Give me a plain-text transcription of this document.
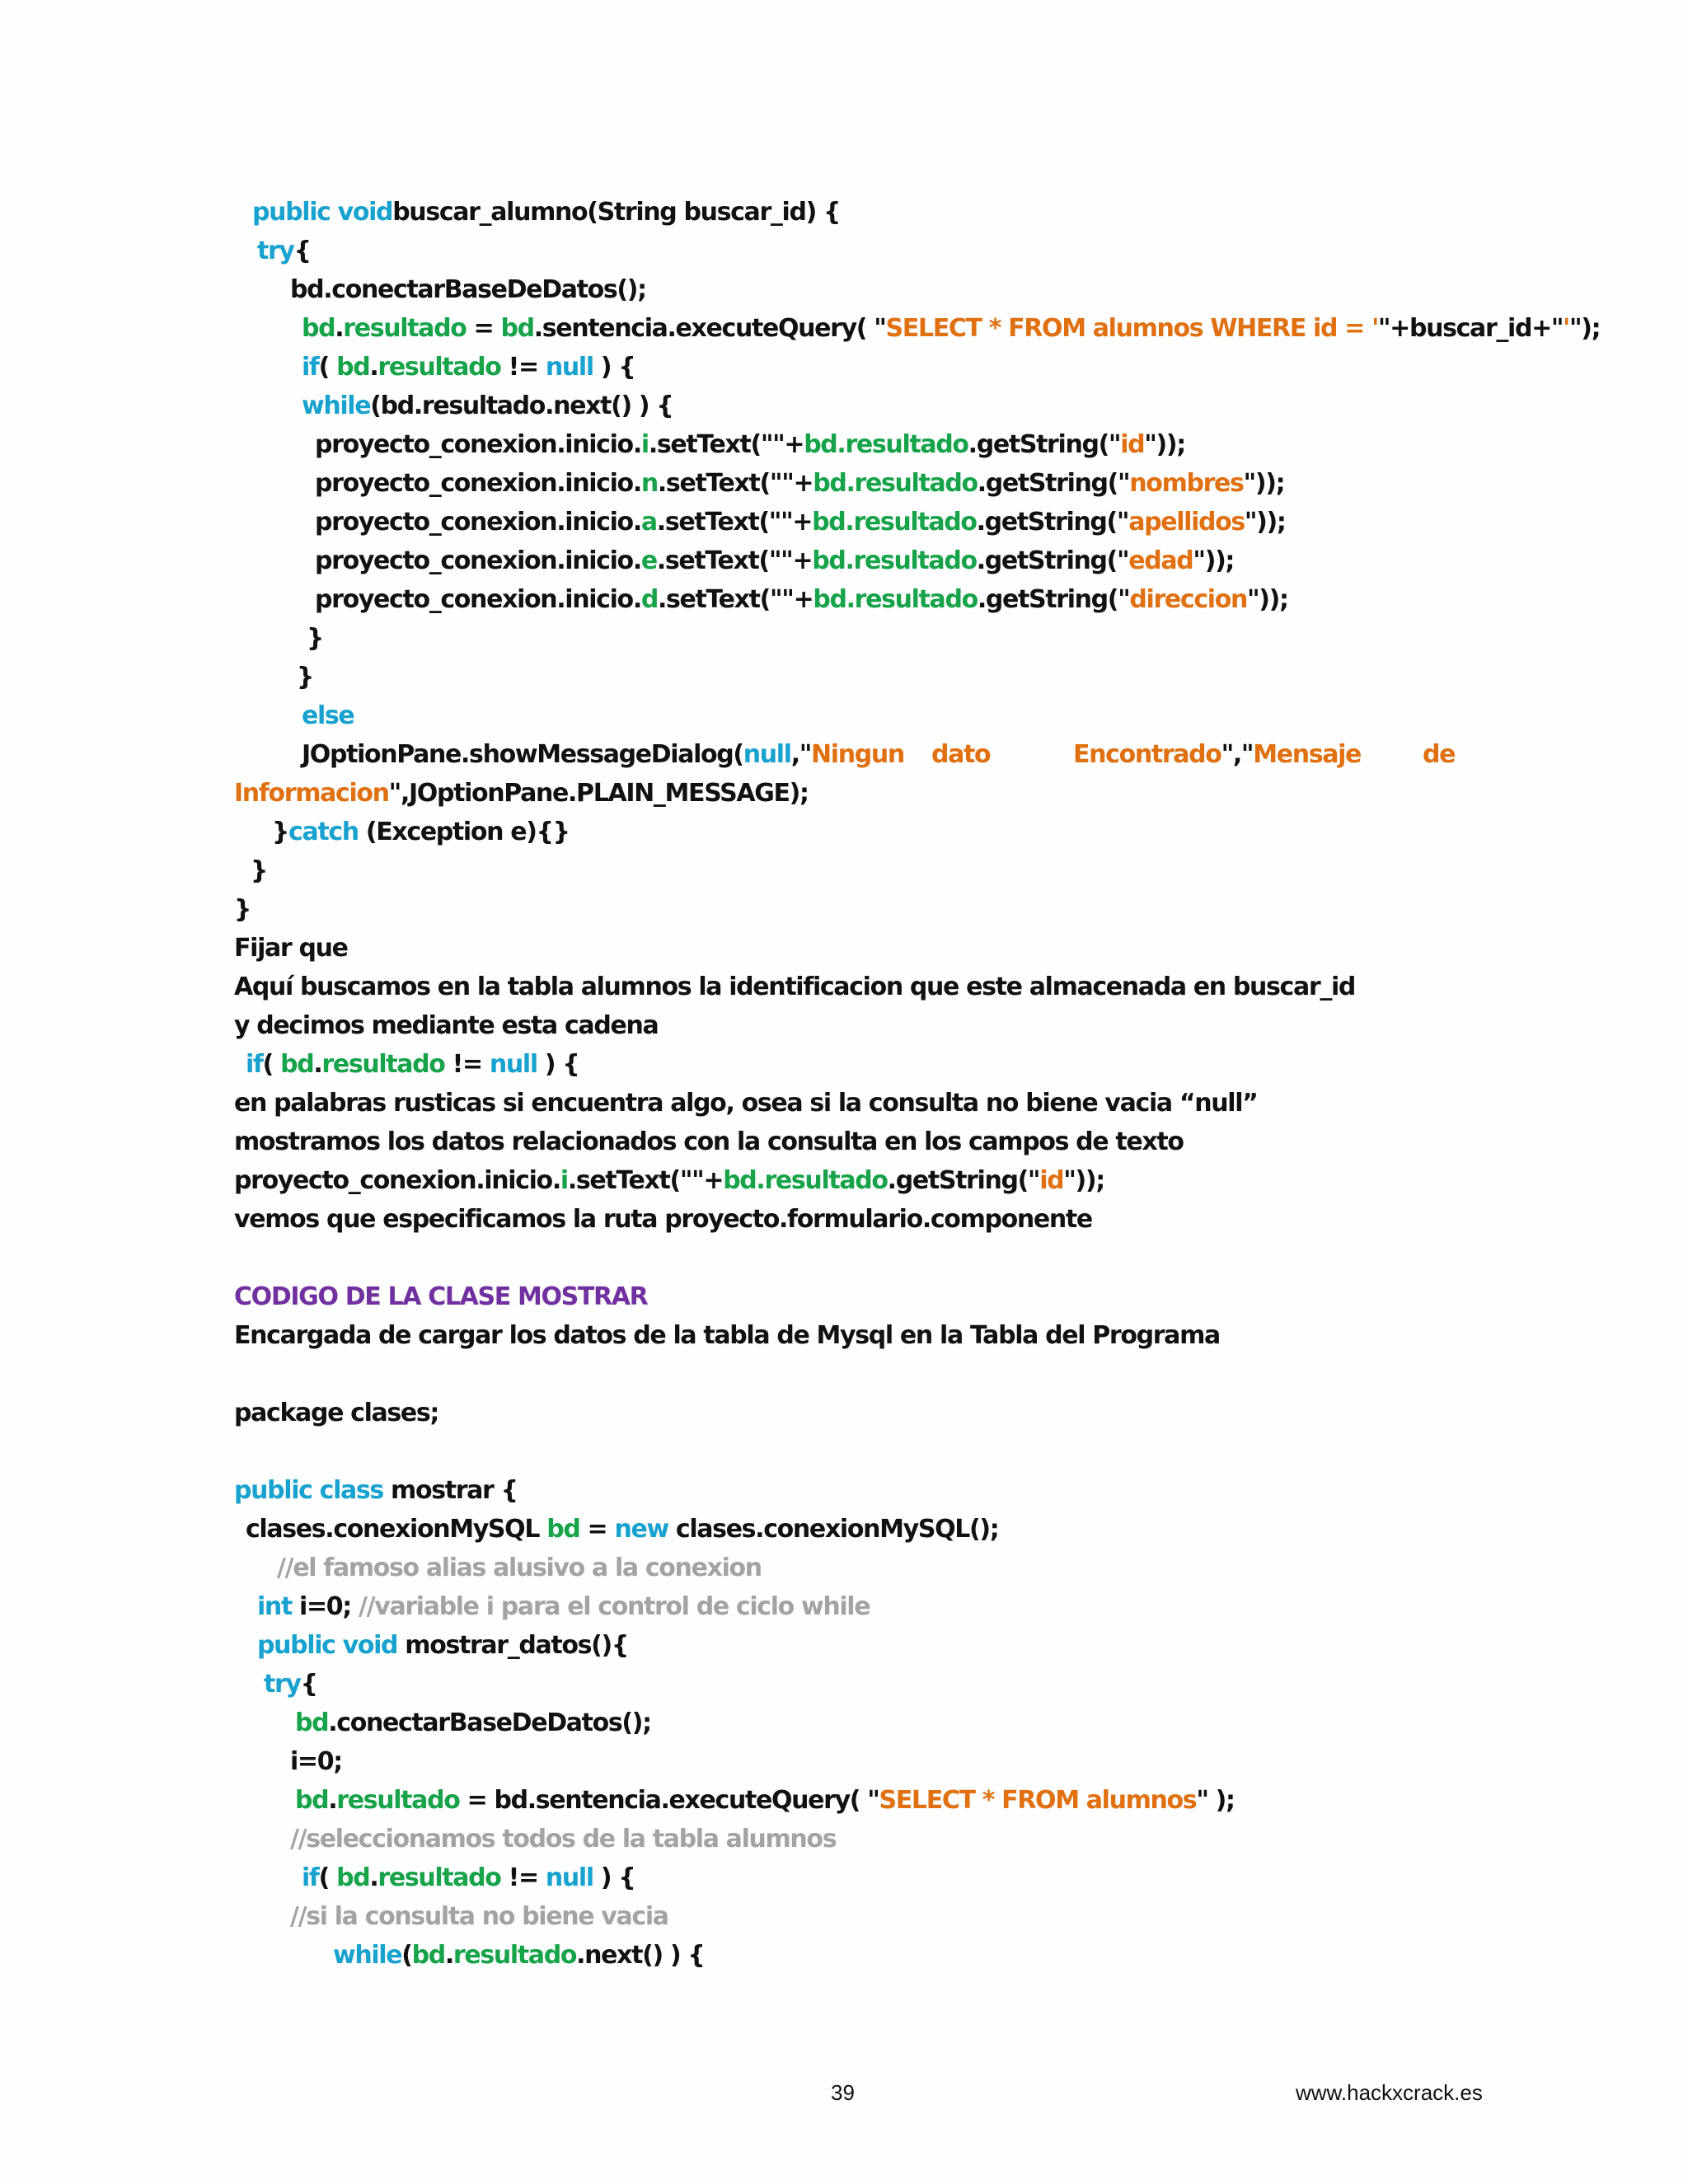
public voidbuscar_alumno(String buscar_id) {
try{
bd.conectarBaseDeDatos();
bd.resultado = bd.sentencia.executeQuery( "SELECT * FROM alumnos WHERE id = '"+buscar_id+"'");
if( bd.resultado != null ) {
while(bd.resultado.next() ) {
proyecto_conexion.inicio.i.setText(""+bd.resultado.getString("id"));
proyecto_conexion.inicio.n.setText(""+bd.resultado.getString("nombres"));
proyecto_conexion.inicio.a.setText(""+bd.resultado.getString("apellidos"));
proyecto_conexion.inicio.e.setText(""+bd.resultado.getString("edad"));
proyecto_conexion.inicio.d.setText(""+bd.resultado.getString("direccion"));
}
}
else
JOptionPane.showMessageDialog(null,"Ningun
Informacion",JOptionPane.PLAIN_MESSAGE);
}catch (Exception e){}
}
}
Fijar que
Aquí buscamos en la tabla alumnos la identificacion que este almacenada en buscar_id
y decimos mediante esta cadena
if( bd.resultado != null ) {
en palabras rusticas si encuentra algo, osea si la consulta no biene vacia “null”
mostramos los datos relacionados con la consulta en los campos de texto
proyecto_conexion.inicio.i.setText(""+bd.resultado.getString("id"));
vemos que especificamos la ruta proyecto.formulario.componente
CODIGO DE LA CLASE MOSTRAR
Encargada de cargar los datos de la tabla de Mysql en la Tabla del Programa
package clases;
public class mostrar {
clases.conexionMySQL bd = new clases.conexionMySQL();
//el famoso alias alusivo a la conexion
int i=0; //variable i para el control de ciclo while
public void mostrar_datos(){
try{
bd.conectarBaseDeDatos();
i=0;
bd.resultado = bd.sentencia.executeQuery( "SELECT * FROM alumnos" );
//seleccionamos todos de la tabla alumnos
if( bd.resultado != null ) {
//si la consulta no biene vacia
while(bd.resultado.next() ) {
dato	Encontrado","Mensaje de
39	www.hackxcrack.es
